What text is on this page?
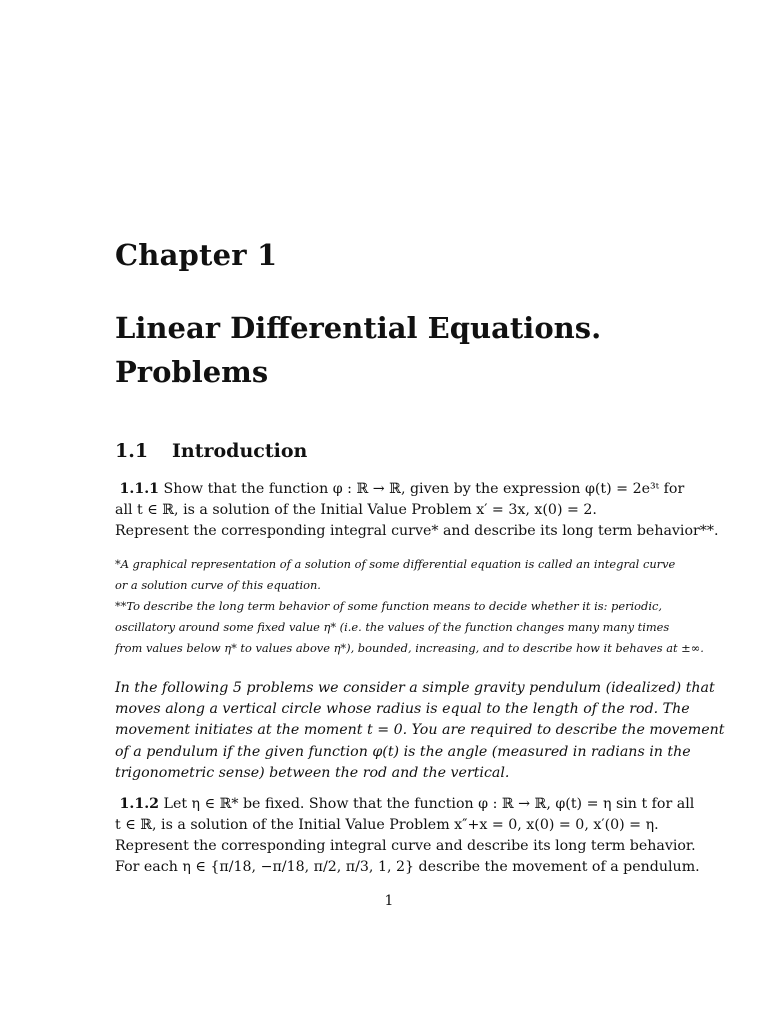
Chapter 1
Linear Differential Equations.
Problems
1.1 Introduction
1.1.1 Show that the function φ : ℝ → ℝ, given by the expression φ(t) = 2e³ᵗ for
all t ∈ ℝ, is a solution of the Initial Value Problem x′ = 3x, x(0) = 2.
Represent the corresponding integral curve* and describe its long term behavior**.
*A graphical representation of a solution of some differential equation is called an integral curve
or a solution curve of this equation.
**To describe the long term behavior of some function means to decide whether it is: periodic,
oscillatory around some fixed value η* (i.e. the values of the function changes many many times
from values below η* to values above η*), bounded, increasing, and to describe how it behaves at ±∞.
In the following 5 problems we consider a simple gravity pendulum (idealized) that
moves along a vertical circle whose radius is equal to the length of the rod. The
movement initiates at the moment t = 0. You are required to describe the movement
of a pendulum if the given function φ(t) is the angle (measured in radians in the
trigonometric sense) between the rod and the vertical.
1.1.2 Let η ∈ ℝ* be fixed. Show that the function φ : ℝ → ℝ, φ(t) = η sin t for all
t ∈ ℝ, is a solution of the Initial Value Problem x″+x = 0, x(0) = 0, x′(0) = η.
Represent the corresponding integral curve and describe its long term behavior.
For each η ∈ {π/18, −π/18, π/2, π/3, 1, 2} describe the movement of a pendulum.
1
